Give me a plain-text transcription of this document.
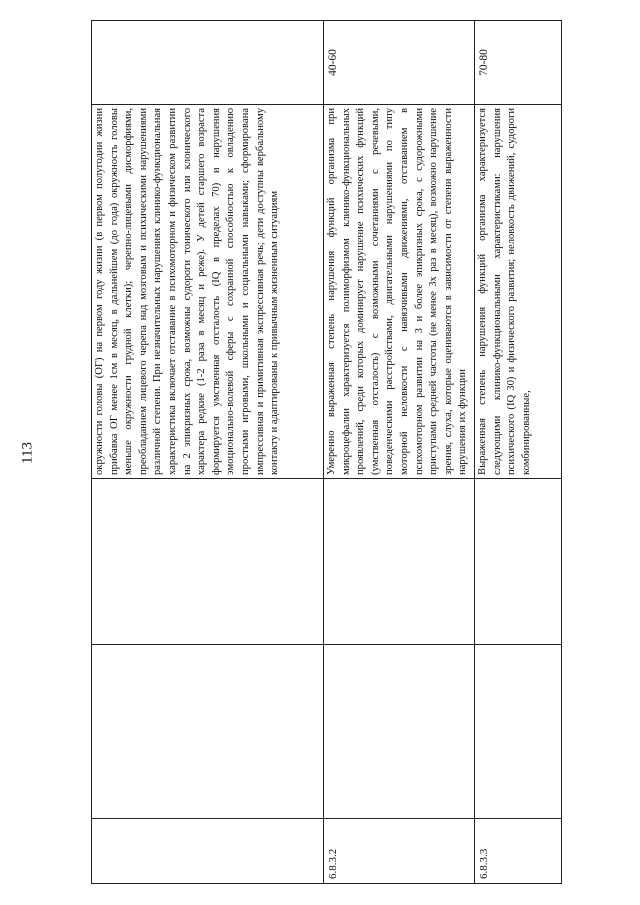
113

			окружности головы (ОГ) на первом году жизни (в первом полугодии жизни прибавка ОГ менее 1см в месяц, в дальнейшем (до года) окружность головы меньше окружности грудной клетки); черепно-лицевыми дисморфиями, преобладанием лицевого черепа над мозговым и психическими нарушениями различной степени. При незначительных нарушениях клинико-функциональная характеристика включает отставание в психомоторном и физическом развитии на 2 эпикризных срока, возможны судороги тонического или клонического характера редкие (1-2 раза в месяц и реже). У детей старшего возраста формируется умственная отсталость (IQ в пределах 70) и нарушения эмоционально-волевой сферы с сохранной способностью к овладению простыми игровыми, школьными и социальными навыками; сформирована импрессивная и примитивная экспрессивная речь; дети доступны вербальному контакту и адаптированы к привычным жизненным ситуациям	

6.8.3.2			Умеренно выраженная степень нарушения функций организма при микроцефалии характеризуется полиморфизмом клинико-функциональных проявлений, среди которых доминирует нарушение психических функций (умственная отсталость) с возможными сочетаниями с речевыми, поведенческими расстройствами, двигательными нарушениями по типу моторной неловкости с навязчивыми движениями, отставанием в психомоторном развитии на 3 и более эпикризных срока, с судорожными приступами средней частоты (не менее 3х раз в месяц), возможно нарушение зрения, слуха, которые оцениваются в зависимости от степени выраженности нарушения их функции	40-60

6.8.3.3			Выраженная степень нарушения функций организма характеризуется следующими клинико-функциональными характеристиками: нарушения психического (IQ 30) и физического развития; неловкость движений, судороги комбинированные,	70-80
